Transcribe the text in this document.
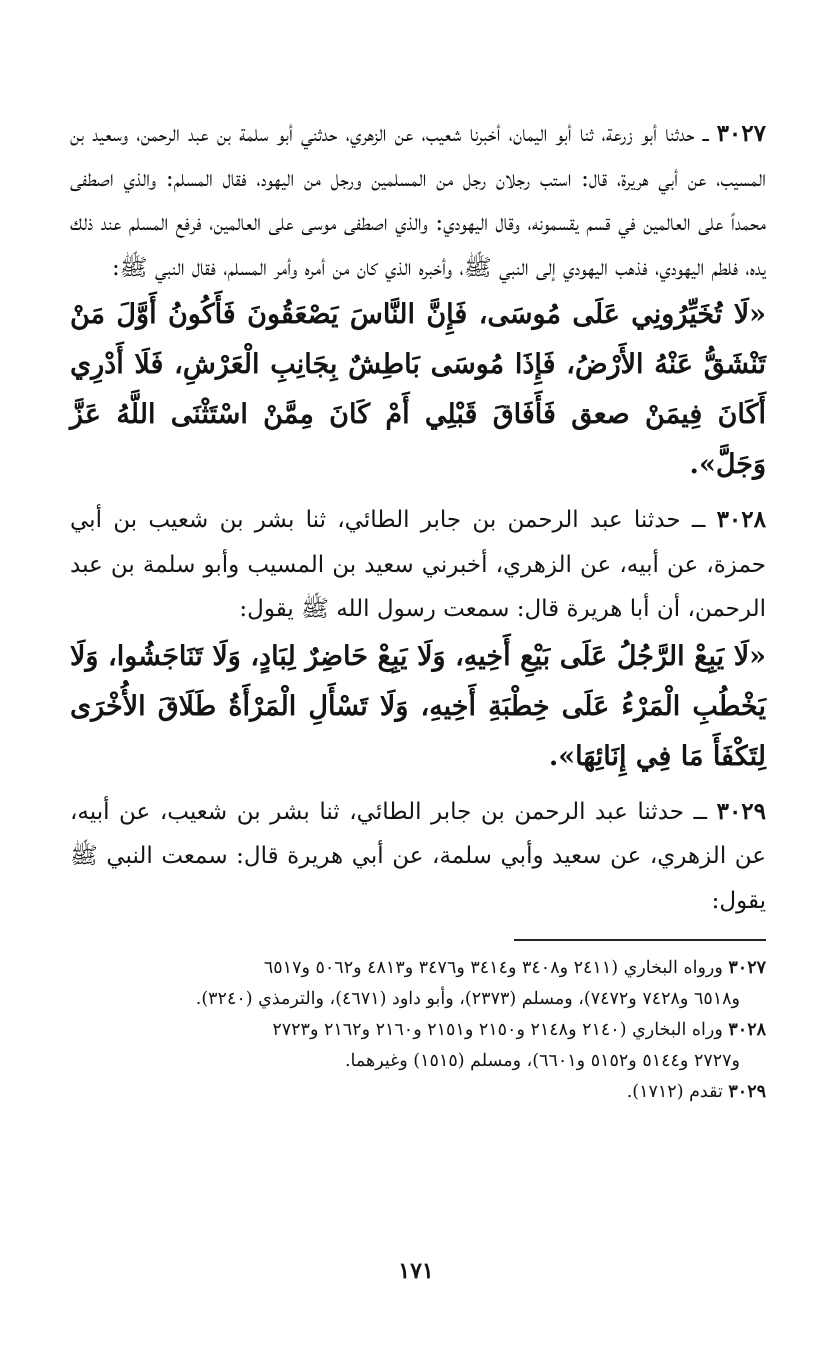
٣٠٢٧ ــ حدثنا أبو زرعة، ثنا أبو اليمان، أخبرنا شعيب، عن الزهري، حدثني أبو سلمة بن عبد الرحمن، وسعيد بن المسيب، عن أبي هريرة، قال: استب رجلان رجل من المسلمين ورجل من اليهود، فقال المسلم: والذي اصطفى محمداً على العالمين في قسم يقسمونه، وقال اليهودي: والذي اصطفى موسى على العالمين، فرفع المسلم عند ذلك يده، فلطم اليهودي، فذهب اليهودي إلى النبي ﷺ، وأخبره الذي كان من أمره وأمر المسلم، فقال النبي ﷺ:

«لَا تُخَيِّرُونِي عَلَى مُوسَى، فَإِنَّ النَّاسَ يَصْعَقُونَ فَأَكُونُ أَوَّلَ مَنْ تَنْشَقُّ عَنْهُ الأَرْضُ، فَإِذَا مُوسَى بَاطِشٌ بِجَانِبِ الْعَرْشِ، فَلَا أَدْرِي أَكَانَ فِيمَنْ صعق فَأَفَاقَ قَبْلِي أَمْ كَانَ مِمَّنْ اسْتَثْنَى اللَّهُ عَزَّ وَجَلَّ».

٣٠٢٨ ــ حدثنا عبد الرحمن بن جابر الطائي، ثنا بشر بن شعيب بن أبي حمزة، عن أبيه، عن الزهري، أخبرني سعيد بن المسيب وأبو سلمة بن عبد الرحمن، أن أبا هريرة قال: سمعت رسول الله ﷺ يقول:

«لَا يَبِعْ الرَّجُلُ عَلَى بَيْعِ أَخِيهِ، وَلَا يَبِعْ حَاضِرٌ لِبَادٍ، وَلَا تَنَاجَشُوا، وَلَا يَخْطُبِ الْمَرْءُ عَلَى خِطْبَةِ أَخِيهِ، وَلَا تَسْأَلِ الْمَرْأَةُ طَلَاقَ الأُخْرَى لِتَكْفَأَ مَا فِي إِنَائِهَا».

٣٠٢٩ ــ حدثنا عبد الرحمن بن جابر الطائي، ثنا بشر بن شعيب، عن أبيه، عن الزهري، عن سعيد وأبي سلمة، عن أبي هريرة قال: سمعت النبي ﷺ يقول:

٣٠٢٧ ورواه البخاري (٢٤١١ و٣٤٠٨ و٣٤١٤ و٣٤٧٦ و٤٨١٣ و٥٠٦٢ و٦٥١٧
و٦٥١٨ و٧٤٢٨ و٧٤٧٢)، ومسلم (٢٣٧٣)، وأبو داود (٤٦٧١)، والترمذي (٣٢٤٠).

٣٠٢٨ وراه البخاري (٢١٤٠ و٢١٤٨ و٢١٥٠ و٢١٥١ و٢١٦٠ و٢١٦٢ و٢٧٢٣
و٢٧٢٧ و٥١٤٤ و٥١٥٢ و٦٦٠١)، ومسلم (١٥١٥) وغيرهما.

٣٠٢٩ تقدم (١٧١٢).

١٧١
